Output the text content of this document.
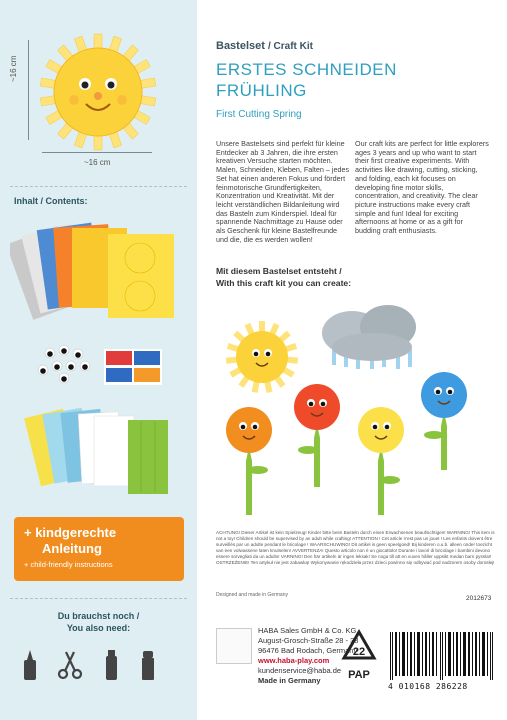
~16 cm
~16 cm
Inhalt / Contents:
+ kindgerechte
Anleitung
+ child-friendly instructions
Du brauchst noch /
You also need:
Bastelset / Craft Kit
ERSTES SCHNEIDEN
FRÜHLING
First Cutting Spring
Unsere Bastelsets sind perfekt für kleine Entdecker ab 3 Jahren, die ihre ersten kreativen Versuche starten möchten. Malen, Schneiden, Kleben, Falten – jedes Set hat einen anderen Fokus und fördert feinmotorische Grundfertigkeiten, Konzentration und Kreativität. Mit der leicht verständlichen Bildanleitung wird das Basteln zum Kinderspiel. Ideal für spannende Nachmittage zu Hause oder als Geschenk für kleine Bastelfreunde und die, die es werden wollen!
Our craft kits are perfect for little explorers ages 3 years and up who want to start their first creative experiments. With activities like drawing, cutting, sticking, and folding, each kit focuses on developing fine motor skills, concentration, and creativity. The clear picture instructions make every craft simple and fun! Ideal for exciting afternoons at home or as a gift for budding craft enthusiasts.
Mit diesem Bastelset entsteht /
With this craft kit you can create:
ACHTUNG! Dieser Artikel ist kein Spielzeug! Kinder bitte beim Basteln durch einen Erwachsenen beaufsichtigen! WARNING! This item is not a toy! Children should be supervised by an adult while crafting! ATTENTION ! Cet article n'est pas un jouet ! Les enfants doivent être surveillés par un adulte pendant le bricolage ! WAARSCHUWING! Dit artikel is geen speelgoed! Bij kinderen o.u.b. alleen onder toezicht van een volwassene laten knutselen! AVVERTENZA! Questo articolo non è un giocattolo! Durante i lavori di bricolage i bambini devono essere sorvegliati da un adulto! VARNING! Den här artikeln är ingen leksak! Se noga till att en vuxen håller uppsikt medan barn pysslar! OSTRZEŻENIE! Ten artykuł nie jest zabawką! Wykonywanie rękodzieła przez dzieci powinno się odbywać pod nadzorem osoby dorosłej!
Designed and made in Germany	2012673
HABA Sales GmbH & Co. KG
August-Grosch-Straße 28 - 38
96476 Bad Rodach, Germany
www.haba-play.com
kundenservice@haba.de
Made in Germany
22
PAP
4 010168 286228
